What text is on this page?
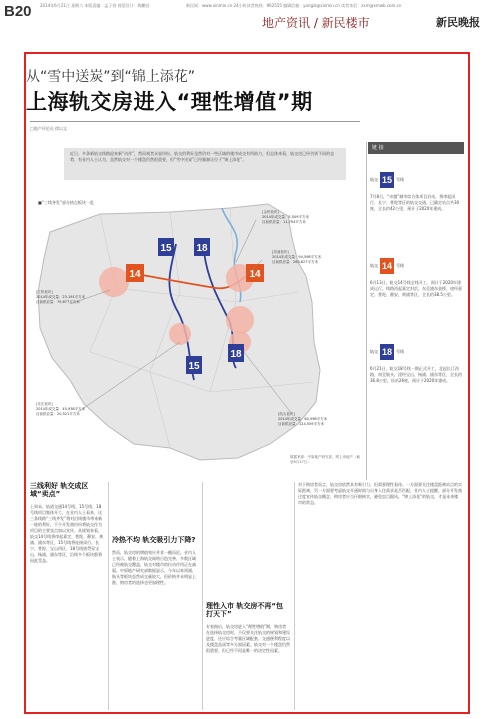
B20 2014年6月21日 星期六 本版责编：孟子容 视觉设计：陶鹏昌	新民网：www.xinmin.cn 24小时读者热线：962555 编辑信箱：yangzi@xinmin.cn 读者来信：zxm@xmwb.com.cn
地产资讯 / 新民楼市	新民晚报
从“雪中送炭”到“锦上添花”
上海轨交房进入“理性增值”期
□地产评论员 徐以文
近日，多条新轨交线路迎来新“动作”，然而观者众说纷纭。轨交的利好虽然仍对一些区域的楼市成交有所助力，但总体来看，轨交房已经告别不同的态势，有业内人士认为，虽然轨交对一个楼盘仍然很重要，但“雪中送炭”已经渐渐让位于“锦上添花”。
15 18
14	14
15
18
■“三线齐发”部分热点板块一览
[金桥板块]
2014年成交量：5,509平方米
目前供应量：11,794平方米
[周浦板块]
2014年成交量：94,598平方米
目前供应量：263,627平方米
[江桥板块]
2014年成交量：23,191平方米
目前供应量：79,677平方米
[莘庄板块]
2014年成交量：45,938平方米
目前供应量：20,521平方米	[航头板块]
2014年成交量：60,596平方米
目前供应量：124,559平方米
数据来源：中原地产研究部，网上房地产（截至6月17日）
链 接
轨交 15 号线
7月8日，“卓越”城市综合体项目启动，将串起闵行、长宁、普陀等区的轨交交通，已确定站点共30座，全长约42公里，预计于2020年建成。
轨交 14 号线
6月13日，轨交14号线全线开工，预计于2020年建成运行。线路西起嘉定封浜，东至浦东金桥，途经嘉定、普陀、静安、黄浦等区，全长约38.5公里。
轨交 18 号线
6月21日，轨交18号线一期正式开工，北起长江西路，南至航头，途经宝山、杨浦、浦东等区，全长约36.8公里，设站26座，预计于2020年建成。
三线利好 轨交成区域“卖点”
上周末，轨道交通14号线、15号线、18号线项目集体开工，在业内人士看来，这三条线路“三线齐发”将对沿线楼市带来新一轮的利好，不少开发商纷纷将轨交作为项目的主要卖点加以宣传。从规划来看，轨交14号线将串起嘉定、普陀、静安、黄浦、浦东等区，15号线将连接闵行、长宁、普陀、宝山四区，18号线则贯穿宝山、杨浦、浦东等区，沿线多个板块都将因此受益。
冷热不均 轨交吸引力下降?
然而，轨交房的增值效应并非一概而论。业内人士表示，随着上海轨交网络日趋完善，多数区域已经被轨交覆盖，轨交对楼市的拉动作用正在减弱。中原地产研究部数据显示，今年以来周浦、航头等板块虽然成交量较大，但价格并未明显上涨，购房者的选择也更加理性。
理性入市 轨交房不再“包打天下”
专家指出，轨交房进入“理性增值”期，购房者在选择轨交房时，不仅要关注轨交的规划和建设进度，还应综合考量区域配套、交通便利程度以及楼盘品质等多方面因素。轨交对一个楼盘仍然很重要，但已经不再是唯一的决定性因素。
对于购房者而言，轨交房依然具有吸引力，但需要理性看待。一方面要关注楼盘距离站点的实际距离，另一方面要考虑轨交开通时间与自身入住需求是否匹配。业内人士提醒，部分开发商过度宣传轨交概念，购房者应当仔细核实，避免盲目跟风。“锦上添花”的轨交，才是未来楼市的常态。
